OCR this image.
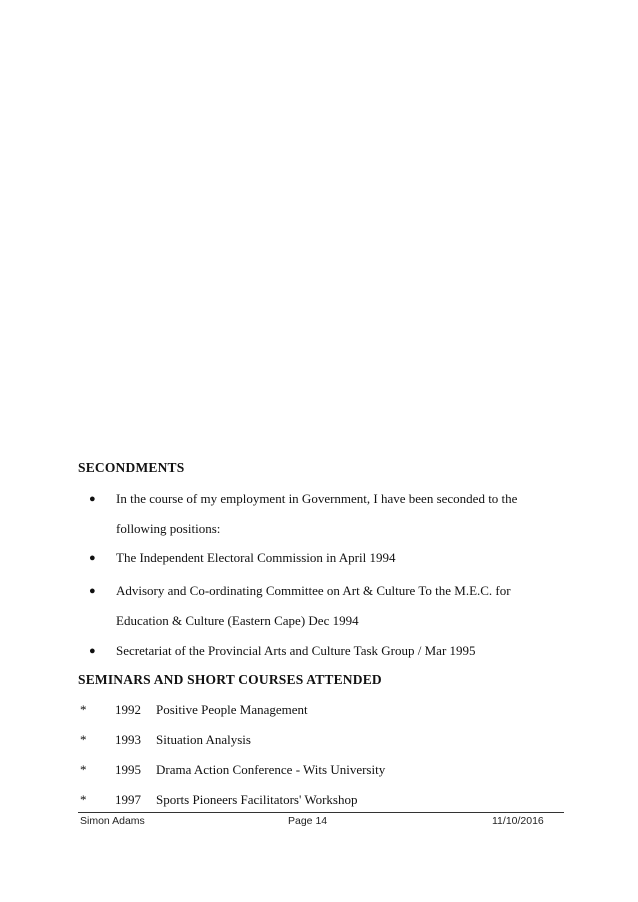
SECONDMENTS
●	In the course of my employment in Government, I have been seconded to the following positions:
●	The Independent Electoral Commission in April 1994
●	Advisory and Co-ordinating Committee on Art & Culture To the M.E.C. for Education & Culture (Eastern Cape) Dec 1994
●	Secretariat of the Provincial Arts and Culture Task Group / Mar 1995
SEMINARS AND SHORT COURSES ATTENDED
* 1992 Positive People Management
* 1993 Situation Analysis
* 1995 Drama Action Conference - Wits University
* 1997 Sports Pioneers Facilitators' Workshop
Simon Adams	Page 14	11/10/2016
